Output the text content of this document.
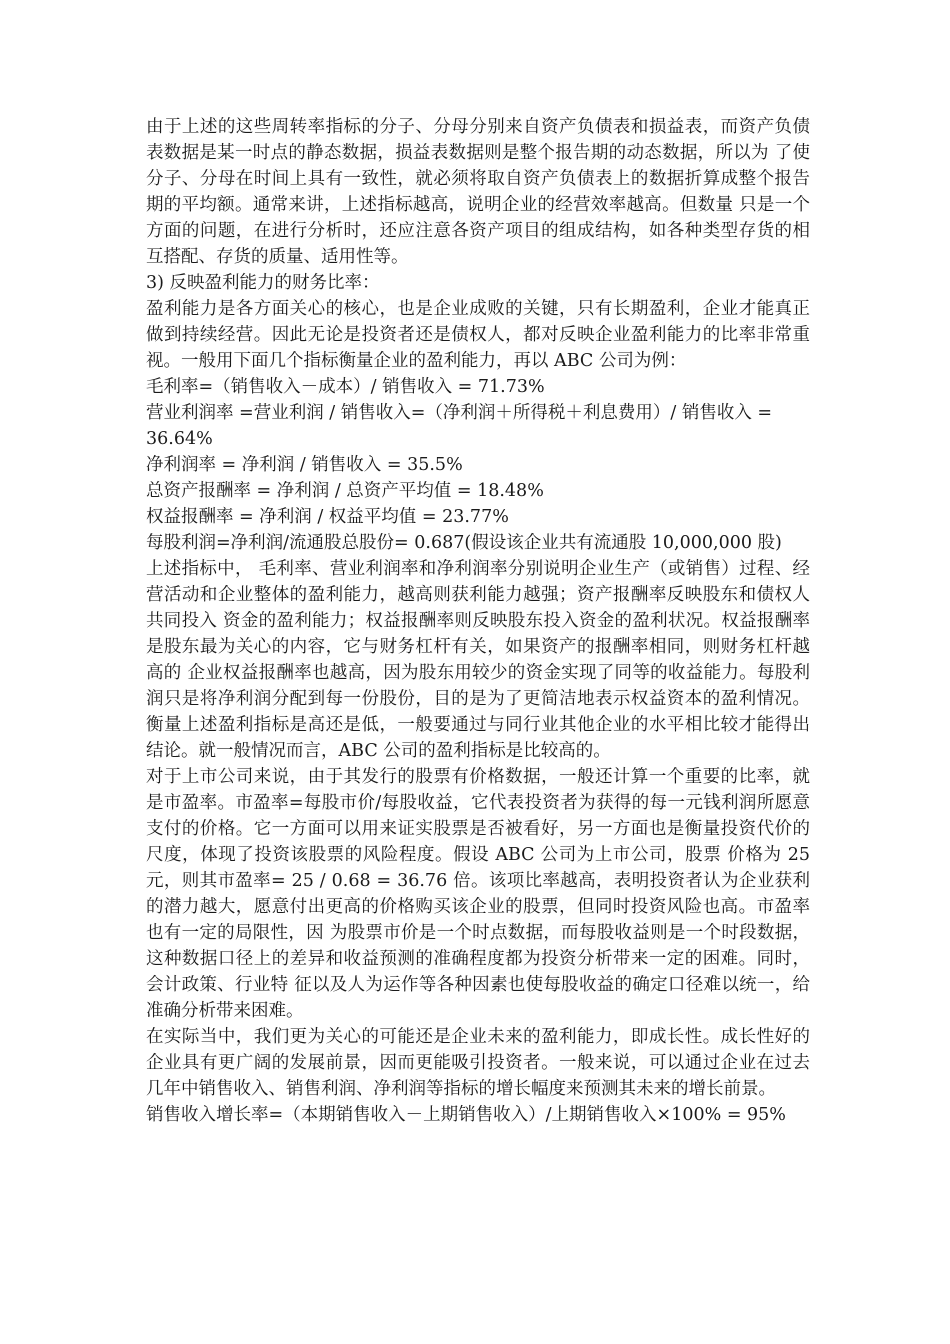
由于上述的这些周转率指标的分子、分母分别来自资产负债表和损益表，而资产负债表数据是某一时点的静态数据，损益表数据则是整个报告期的动态数据，所以为 了使分子、分母在时间上具有一致性，就必须将取自资产负债表上的数据折算成整个报告期的平均额。通常来讲，上述指标越高，说明企业的经营效率越高。但数量 只是一个方面的问题，在进行分析时，还应注意各资产项目的组成结构，如各种类型存货的相互搭配、存货的质量、适用性等。

3) 反映盈利能力的财务比率：

盈利能力是各方面关心的核心，也是企业成败的关键，只有长期盈利，企业才能真正做到持续经营。因此无论是投资者还是债权人，都对反映企业盈利能力的比率非常重视。一般用下面几个指标衡量企业的盈利能力，再以 ABC 公司为例：

毛利率=（销售收入－成本）/ 销售收入 = 71.73%

营业利润率 =营业利润 / 销售收入=（净利润＋所得税＋利息费用）/ 销售收入 = 36.64%

净利润率 = 净利润 / 销售收入 = 35.5%

总资产报酬率 = 净利润 / 总资产平均值 = 18.48%

权益报酬率 = 净利润 / 权益平均值 = 23.77%

每股利润=净利润/流通股总股份= 0.687(假设该企业共有流通股 10,000,000 股)

上述指标中， 毛利率、营业利润率和净利润率分别说明企业生产（或销售）过程、经营活动和企业整体的盈利能力，越高则获利能力越强；资产报酬率反映股东和债权人共同投入 资金的盈利能力；权益报酬率则反映股东投入资金的盈利状况。权益报酬率是股东最为关心的内容，它与财务杠杆有关，如果资产的报酬率相同，则财务杠杆越高的 企业权益报酬率也越高，因为股东用较少的资金实现了同等的收益能力。每股利润只是将净利润分配到每一份股份，目的是为了更简洁地表示权益资本的盈利情况。 衡量上述盈利指标是高还是低，一般要通过与同行业其他企业的水平相比较才能得出结论。就一般情况而言，ABC 公司的盈利指标是比较高的。

对于上市公司来说，由于其发行的股票有价格数据，一般还计算一个重要的比率，就是市盈率。市盈率=每股市价/每股收益，它代表投资者为获得的每一元钱利润所愿意支付的价格。它一方面可以用来证实股票是否被看好，另一方面也是衡量投资代价的尺度，体现了投资该股票的风险程度。假设 ABC 公司为上市公司，股票 价格为 25 元，则其市盈率= 25 / 0.68 = 36.76 倍。该项比率越高，表明投资者认为企业获利的潜力越大，愿意付出更高的价格购买该企业的股票，但同时投资风险也高。市盈率也有一定的局限性，因 为股票市价是一个时点数据，而每股收益则是一个时段数据，这种数据口径上的差异和收益预测的准确程度都为投资分析带来一定的困难。同时，会计政策、行业特 征以及人为运作等各种因素也使每股收益的确定口径难以统一，给准确分析带来困难。

在实际当中，我们更为关心的可能还是企业未来的盈利能力，即成长性。成长性好的企业具有更广阔的发展前景，因而更能吸引投资者。一般来说，可以通过企业在过去几年中销售收入、销售利润、净利润等指标的增长幅度来预测其未来的增长前景。

销售收入增长率=（本期销售收入－上期销售收入）/上期销售收入×100% = 95%
